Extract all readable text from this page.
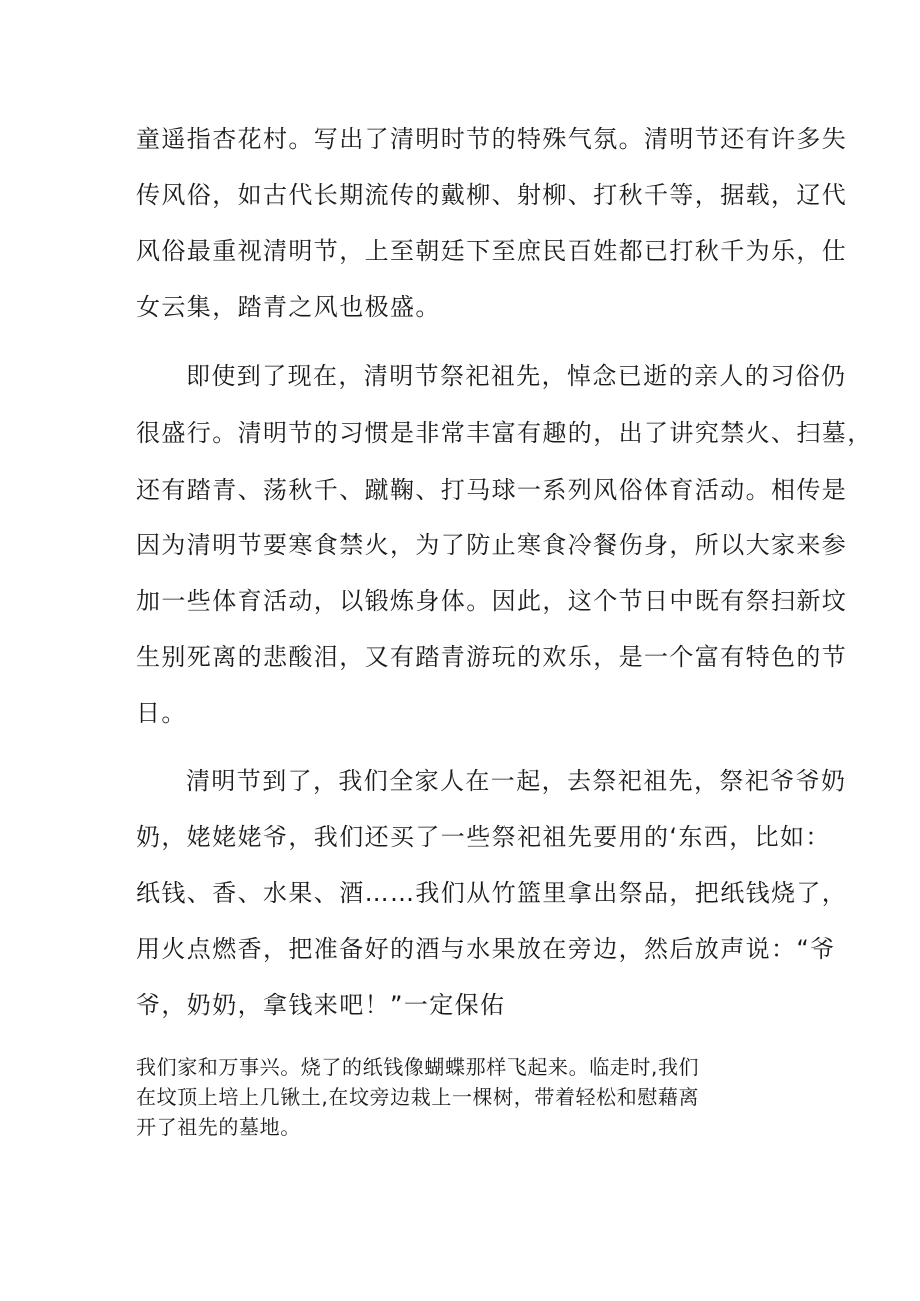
童遥指杏花村。写出了清明时节的特殊气氛。清明节还有许多失

传风俗，如古代长期流传的戴柳、射柳、打秋千等，据载，辽代

风俗最重视清明节，上至朝廷下至庶民百姓都已打秋千为乐，仕

女云集，踏青之风也极盛。

即使到了现在，清明节祭祀祖先，悼念已逝的亲人的习俗仍

很盛行。清明节的习惯是非常丰富有趣的，出了讲究禁火、扫墓，

还有踏青、荡秋千、蹴鞠、打马球一系列风俗体育活动。相传是

因为清明节要寒食禁火，为了防止寒食冷餐伤身，所以大家来参

加一些体育活动，以锻炼身体。因此，这个节日中既有祭扫新坟

生别死离的悲酸泪，又有踏青游玩的欢乐，是一个富有特色的节

日。

清明节到了，我们全家人在一起，去祭祀祖先，祭祀爷爷奶

奶，姥姥姥爷，我们还买了一些祭祀祖先要用的‘东西，比如：

纸钱、香、水果、酒……我们从竹篮里拿出祭品，把纸钱烧了，

用火点燃香，把准备好的酒与水果放在旁边，然后放声说：“爷

爷，奶奶，拿钱来吧！”一定保佑

我们家和万事兴。烧了的纸钱像蝴蝶那样飞起来。临走时,我们

在坟顶上培上几锹土,在坟旁边栽上一棵树，带着轻松和慰藉离

开了祖先的墓地。
